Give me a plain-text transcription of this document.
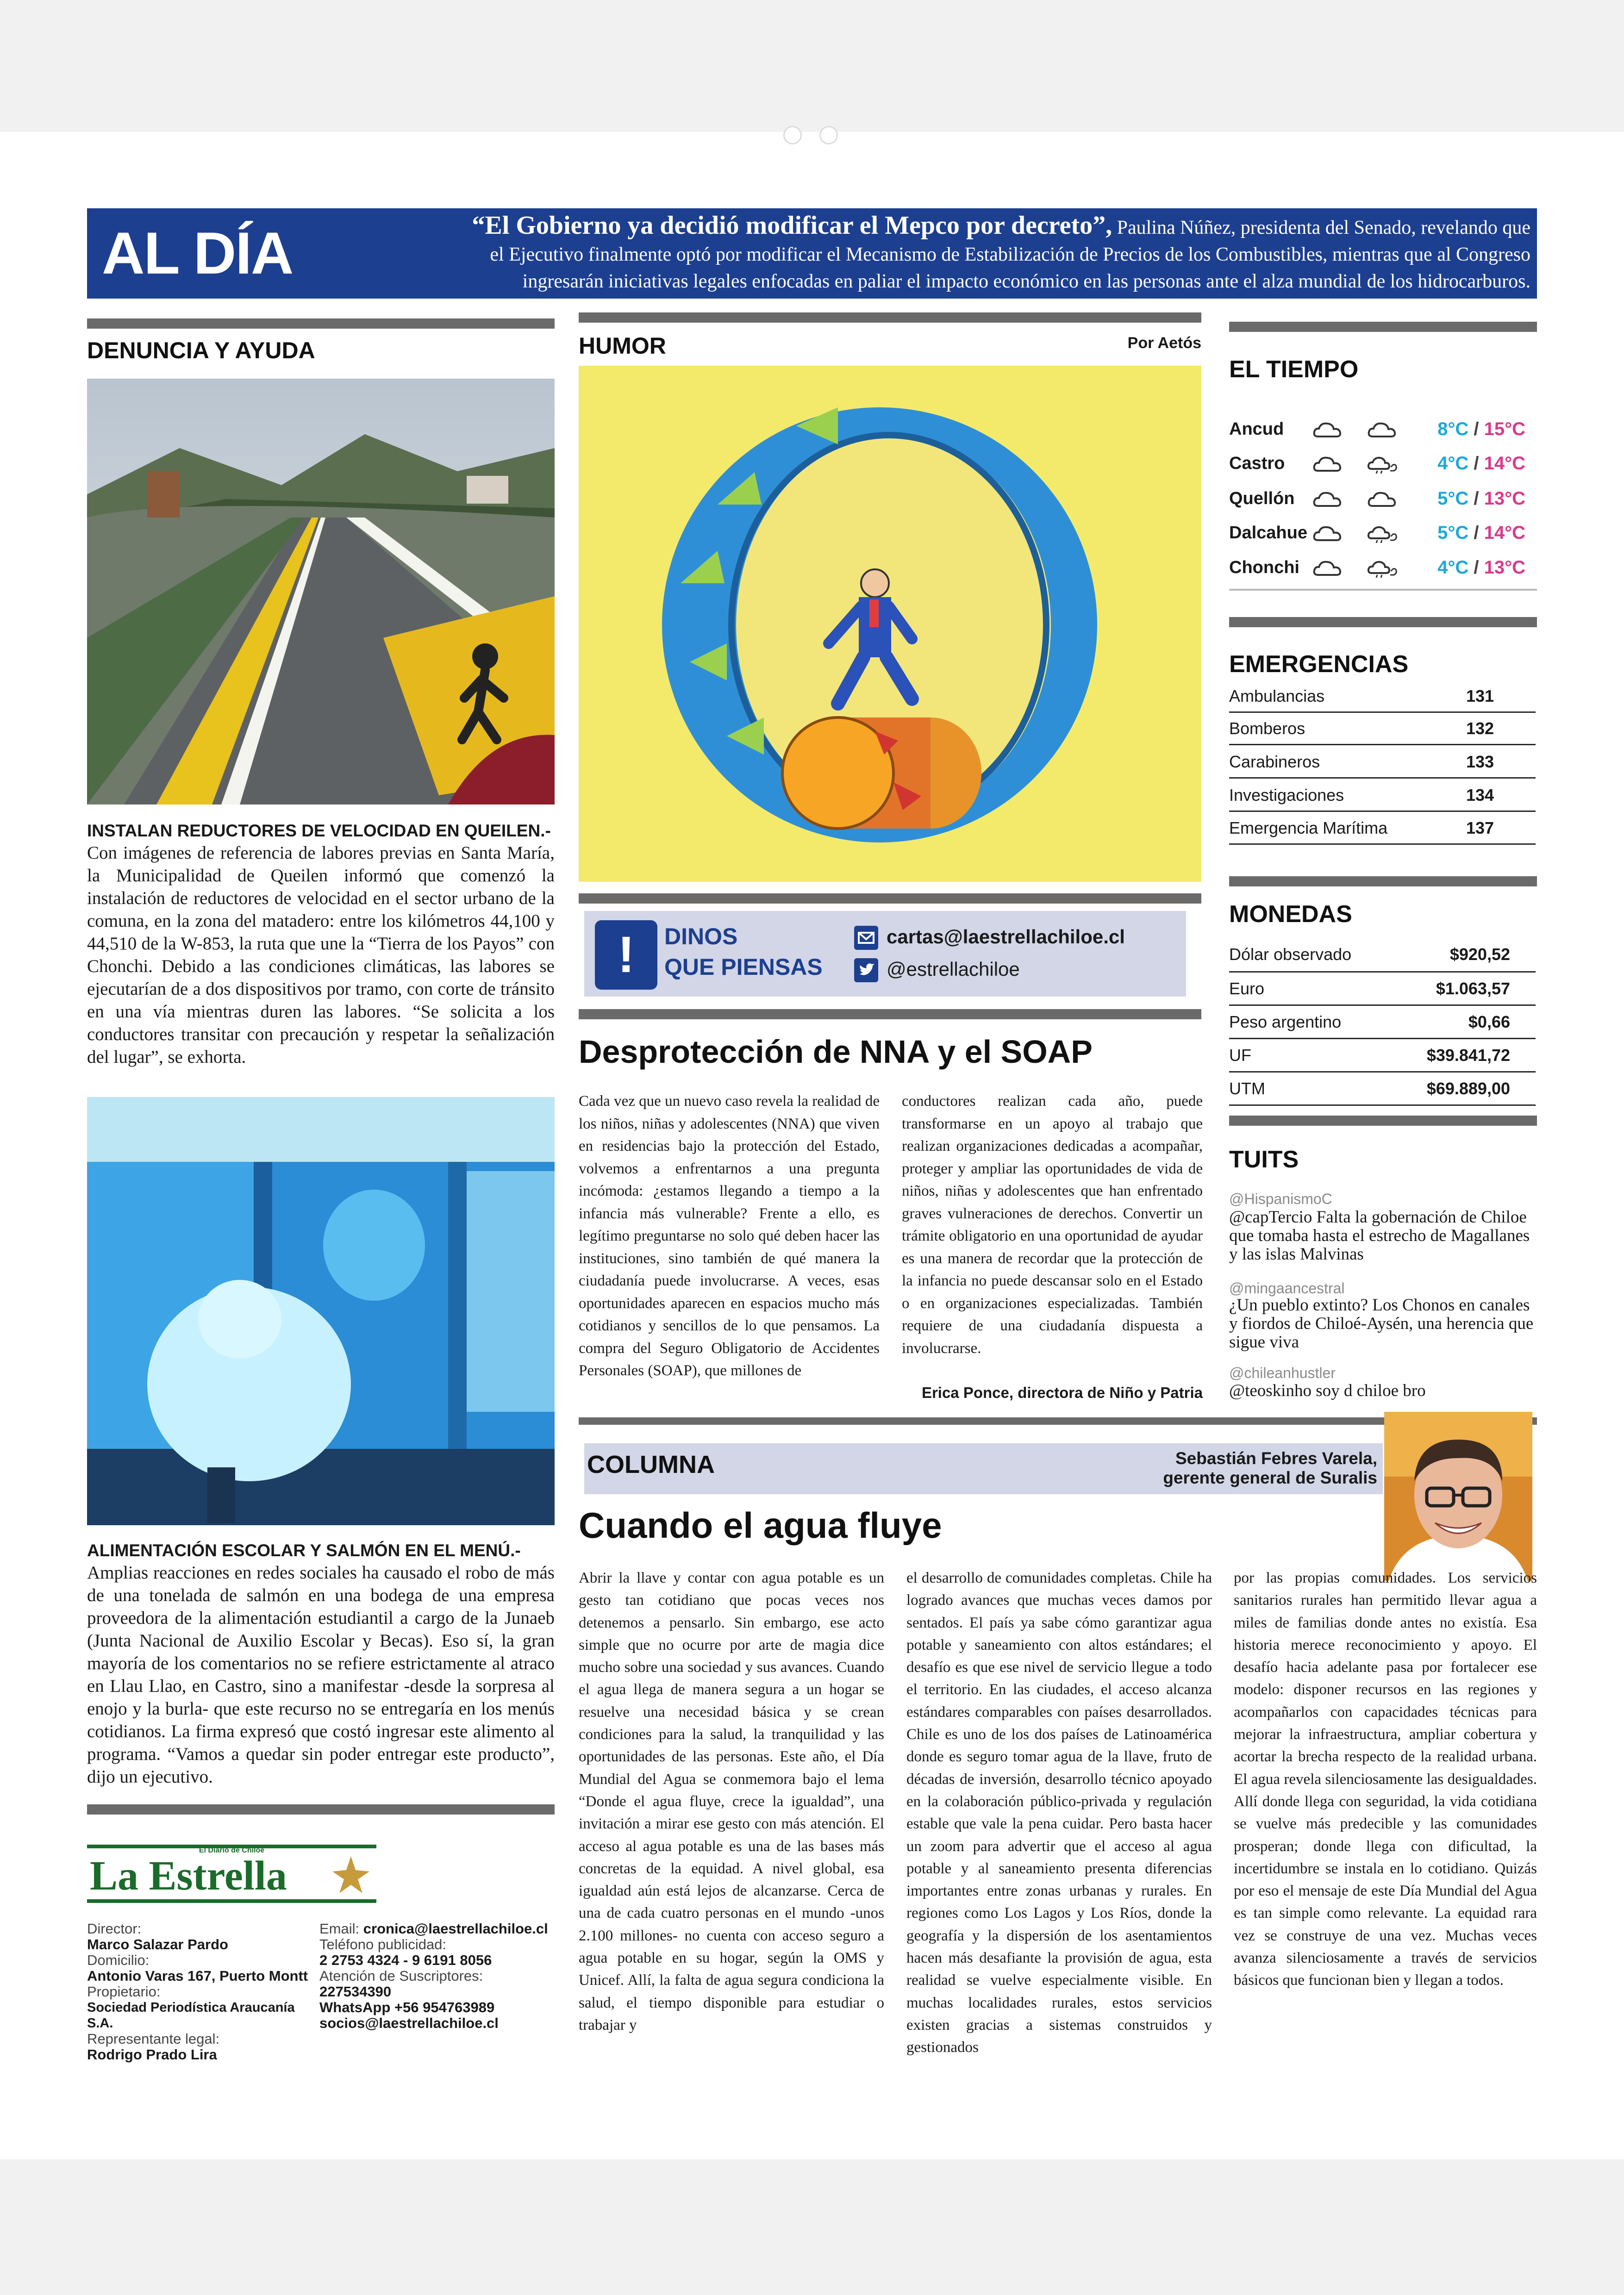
AL DÍA	“El Gobierno ya decidió modificar el Mepco por decreto”, Paulina Núñez, presidenta del Senado, revelando que
el Ejecutivo finalmente optó por modificar el Mecanismo de Estabilización de Precios de los Combustibles, mientras que al Congreso
ingresarán iniciativas legales enfocadas en paliar el impacto económico en las personas ante el alza mundial de los hidrocarburos.
DENUNCIA Y AYUDA
INSTALAN REDUCTORES DE VELOCIDAD EN QUEILEN.-
Con imágenes de referencia de labores previas en Santa María, la Municipalidad de Queilen informó que comenzó la instalación de reductores de velocidad en el sector urbano de la comuna, en la zona del matadero: entre los kilómetros 44,100 y 44,510 de la W-853, la ruta que une la “Tierra de los Payos” con Chonchi. Debido a las condiciones climáticas, las labores se ejecutarían de a dos dispositivos por tramo, con corte de tránsito en una vía mientras duren las labores. “Se solicita a los conductores transitar con precaución y respetar la señalización del lugar”, se exhorta.
ALIMENTACIÓN ESCOLAR Y SALMÓN EN EL MENÚ.-
Amplias reacciones en redes sociales ha causado el robo de más de una tonelada de salmón en una bodega de una empresa proveedora de la alimentación estudiantil a cargo de la Junaeb (Junta Nacional de Auxilio Escolar y Becas). Eso sí, la gran mayoría de los comentarios no se refiere estrictamente al atraco en Llau Llao, en Castro, sino a manifestar -desde la sorpresa al enojo y la burla- que este recurso no se entregaría en los menús cotidianos. La firma expresó que costó ingresar este alimento al programa. “Vamos a quedar sin poder entregar este producto”, dijo un ejecutivo.
El Diario de Chiloé
La Estrella
Director:
Marco Salazar Pardo
Domicilio:
Antonio Varas 167, Puerto Montt
Propietario:
Sociedad Periodística Araucanía S.A.
Representante legal:
Rodrigo Prado Lira
Email: cronica@laestrellachiloe.cl
Teléfono publicidad:
2 2753 4324 - 9 6191 8056
Atención de Suscriptores:
227534390
WhatsApp +56 954763989
socios@laestrellachiloe.cl
HUMOR	Por Aetós
!	DINOS
QUE PIENSAS
cartas@laestrellachiloe.cl
@estrellachiloe
Desprotección de NNA y el SOAP
Cada vez que un nuevo caso revela la realidad de los niños, niñas y adolescentes (NNA) que viven en residencias bajo la protección del Estado, volvemos a enfrentarnos a una pregunta incómoda: ¿estamos llegando a tiempo a la infancia más vulnerable? Frente a ello, es legítimo preguntarse no solo qué deben hacer las instituciones, sino también de qué manera la ciudadanía puede involucrarse. A veces, esas oportunidades aparecen en espacios mucho más cotidianos y sencillos de lo que pensamos. La compra del Seguro Obligatorio de Accidentes Personales (SOAP), que millones de
conductores realizan cada año, puede transformarse en un apoyo al trabajo que realizan organizaciones dedicadas a acompañar, proteger y ampliar las oportunidades de vida de niños, niñas y adolescentes que han enfrentado graves vulneraciones de derechos. Convertir un trámite obligatorio en una oportunidad de ayudar es una manera de recordar que la protección de la infancia no puede descansar solo en el Estado o en organizaciones especializadas. También requiere de una ciudadanía dispuesta a involucrarse.
Erica Ponce, directora de Niño y Patria
COLUMNA	Sebastián Febres Varela,
gerente general de Suralis
Cuando el agua fluye
Abrir la llave y contar con agua potable es un gesto tan cotidiano que pocas veces nos detenemos a pensarlo. Sin embargo, ese acto simple que no ocurre por arte de magia dice mucho sobre una sociedad y sus avances. Cuando el agua llega de manera segura a un hogar se resuelve una necesidad básica y se crean condiciones para la salud, la tranquilidad y las oportunidades de las personas. Este año, el Día Mundial del Agua se conmemora bajo el lema “Donde el agua fluye, crece la igualdad”, una invitación a mirar ese gesto con más atención. El acceso al agua potable es una de las bases más concretas de la equidad. A nivel global, esa igualdad aún está lejos de alcanzarse. Cerca de una de cada cuatro personas en el mundo -unos 2.100 millones- no cuenta con acceso seguro a agua potable en su hogar, según la OMS y Unicef. Allí, la falta de agua segura condiciona la salud, el tiempo disponible para estudiar o trabajar y
el desarrollo de comunidades completas. Chile ha logrado avances que muchas veces damos por sentados. El país ya sabe cómo garantizar agua potable y saneamiento con altos estándares; el desafío es que ese nivel de servicio llegue a todo el territorio. En las ciudades, el acceso alcanza estándares comparables con países desarrollados. Chile es uno de los dos países de Latinoamérica donde es seguro tomar agua de la llave, fruto de décadas de inversión, desarrollo técnico apoyado en la colaboración público-privada y regulación estable que vale la pena cuidar. Pero basta hacer un zoom para advertir que el acceso al agua potable y al saneamiento presenta diferencias importantes entre zonas urbanas y rurales. En regiones como Los Lagos y Los Ríos, donde la geografía y la dispersión de los asentamientos hacen más desafiante la provisión de agua, esta realidad se vuelve especialmente visible. En muchas localidades rurales, estos servicios existen gracias a sistemas construidos y gestionados
por las propias comunidades. Los servicios sanitarios rurales han permitido llevar agua a miles de familias donde antes no existía. Esa historia merece reconocimiento y apoyo. El desafío hacia adelante pasa por fortalecer ese modelo: disponer recursos en las regiones y acompañarlos con capacidades técnicas para mejorar la infraestructura, ampliar cobertura y acortar la brecha respecto de la realidad urbana. El agua revela silenciosamente las desigualdades. Allí donde llega con seguridad, la vida cotidiana se vuelve más predecible y las comunidades prosperan; donde llega con dificultad, la incertidumbre se instala en lo cotidiano. Quizás por eso el mensaje de este Día Mundial del Agua es tan simple como relevante. La equidad rara vez se construye de una vez. Muchas veces avanza silenciosamente a través de servicios básicos que funcionan bien y llegan a todos.
EL TIEMPO
Ancud	8°C / 15°C
Castro	4°C / 14°C
Quellón	5°C / 13°C
Dalcahue	5°C / 14°C
Chonchi	4°C / 13°C
EMERGENCIAS
Ambulancias	131
Bomberos	132
Carabineros	133
Investigaciones	134
Emergencia Marítima	137
MONEDAS
Dólar observado	$920,52
Euro	$1.063,57
Peso argentino	$0,66
UF	$39.841,72
UTM	$69.889,00
TUITS
@HispanismoC
@capTercio Falta la gobernación de Chiloe que tomaba hasta el estrecho de Magallanes y las islas Malvinas
@mingaancestral
¿Un pueblo extinto? Los Chonos en canales y fiordos de Chiloé-Aysén, una herencia que sigue viva
@chileanhustler
@teoskinho soy d chiloe bro
